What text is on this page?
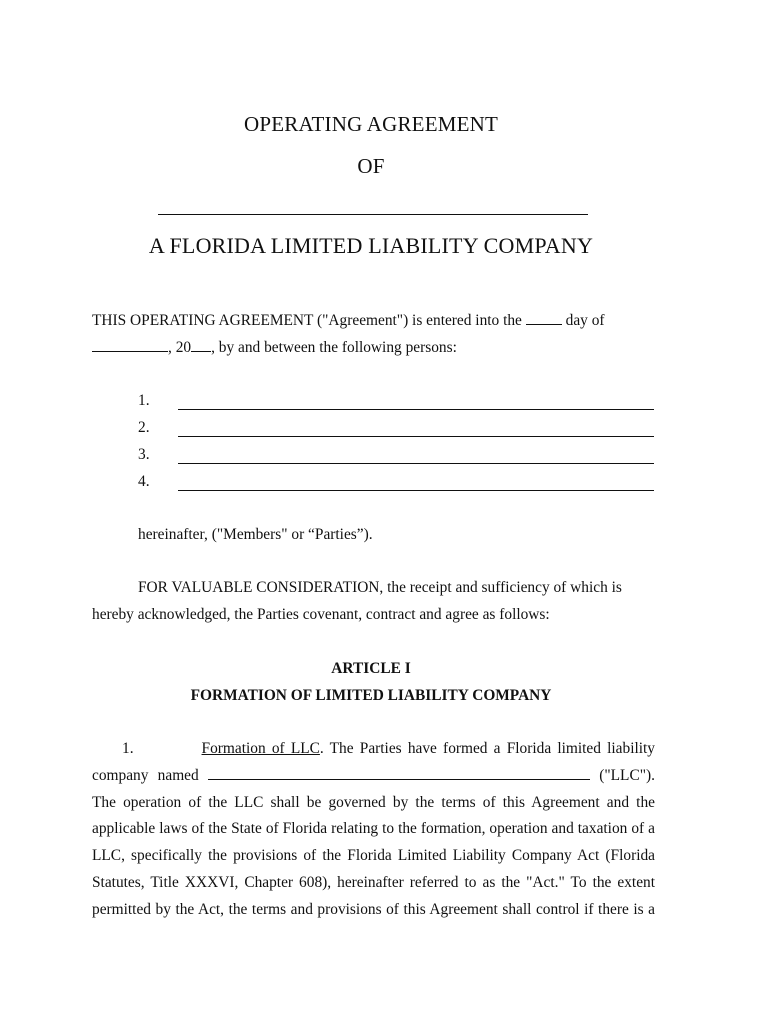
OPERATING AGREEMENT
OF
A FLORIDA LIMITED LIABILITY COMPANY
THIS OPERATING AGREEMENT ("Agreement") is entered into the	day of
, 20 , by and between the following persons:
1.
2.
3.
4.
hereinafter, ("Members" or “Parties”).
FOR VALUABLE CONSIDERATION, the receipt and sufficiency of which is
hereby acknowledged, the Parties covenant, contract and agree as follows:
ARTICLE I
FORMATION OF LIMITED LIABILITY COMPANY
1.	Formation of LLC. The Parties have formed a Florida limited liability
company named	("LLC").
The operation of the LLC shall be governed by the terms of this Agreement and the
applicable laws of the State of Florida relating to the formation, operation and taxation of a
LLC, specifically the provisions of the Florida Limited Liability Company Act (Florida
Statutes, Title XXXVI, Chapter 608), hereinafter referred to as the "Act." To the extent
permitted by the Act, the terms and provisions of this Agreement shall control if there is a
